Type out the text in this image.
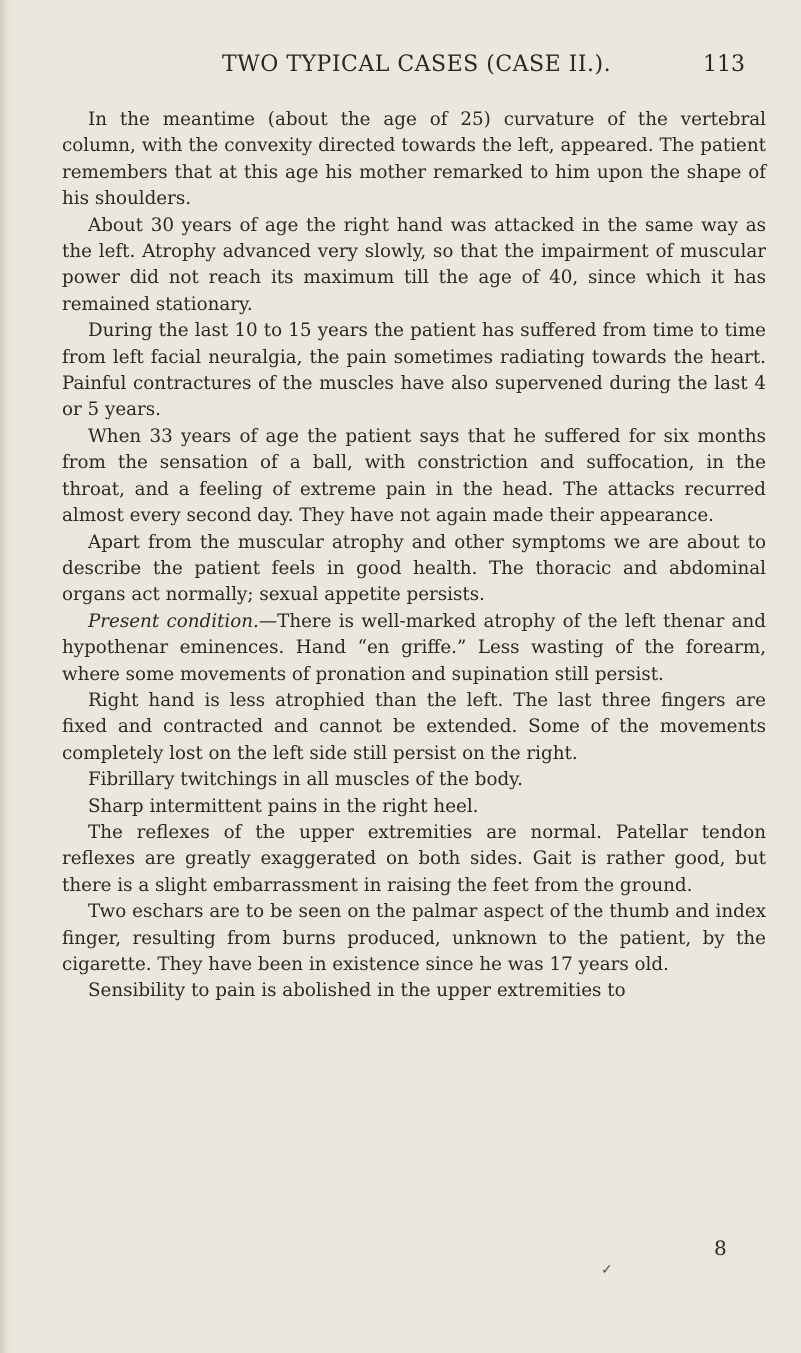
TWO TYPICAL CASES (CASE II.).	113

In the meantime (about the age of 25) curvature of the vertebral column, with the convexity directed towards the left, appeared. The patient remembers that at this age his mother remarked to him upon the shape of his shoulders.

About 30 years of age the right hand was attacked in the same way as the left. Atrophy advanced very slowly, so that the impairment of muscular power did not reach its maximum till the age of 40, since which it has remained stationary.

During the last 10 to 15 years the patient has suffered from time to time from left facial neuralgia, the pain sometimes radiating towards the heart. Painful contractures of the muscles have also supervened during the last 4 or 5 years.

When 33 years of age the patient says that he suffered for six months from the sensation of a ball, with constriction and suffocation, in the throat, and a feeling of extreme pain in the head. The attacks recurred almost every second day. They have not again made their appearance.

Apart from the muscular atrophy and other symptoms we are about to describe the patient feels in good health. The thoracic and abdominal organs act normally; sexual appetite persists.

Present condition.—There is well-marked atrophy of the left thenar and hypothenar eminences. Hand “en griffe.” Less wasting of the forearm, where some movements of pronation and supination still persist.

Right hand is less atrophied than the left. The last three fingers are fixed and contracted and cannot be extended. Some of the movements completely lost on the left side still persist on the right.

Fibrillary twitchings in all muscles of the body.

Sharp intermittent pains in the right heel.

The reflexes of the upper extremities are normal. Patellar tendon reflexes are greatly exaggerated on both sides. Gait is rather good, but there is a slight embarrassment in raising the feet from the ground.

Two eschars are to be seen on the palmar aspect of the thumb and index finger, resulting from burns produced, unknown to the patient, by the cigarette. They have been in existence since he was 17 years old.

Sensibility to pain is abolished in the upper extremities to

8
✓
